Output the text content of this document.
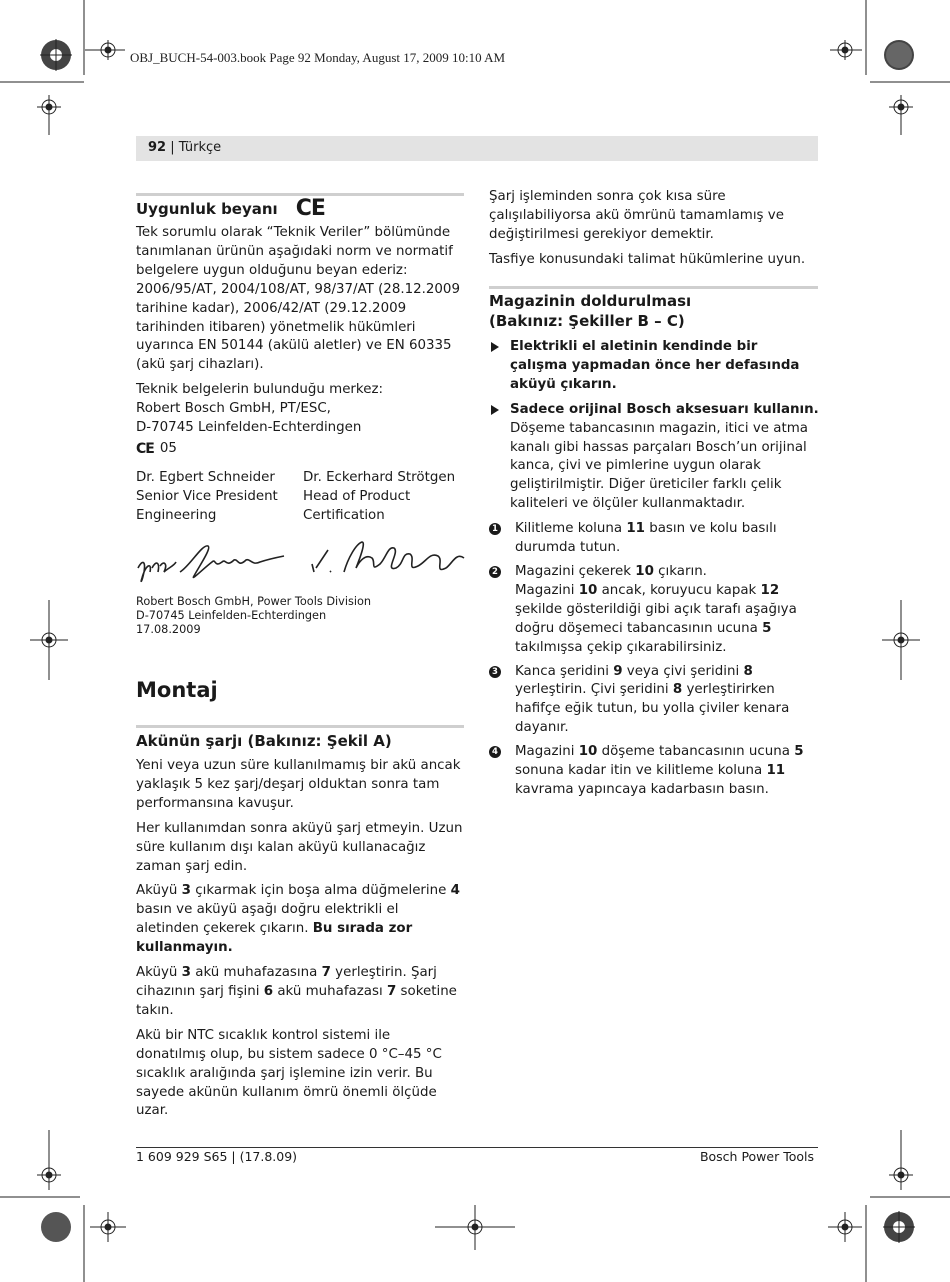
OBJ_BUCH-54-003.book Page 92 Monday, August 17, 2009 10:10 AM
92 | Türkçe
Uygunluk beyanı CE

Tek sorumlu olarak “Teknik Veriler” bölümünde tanımlanan ürünün aşağıdaki norm ve normatif belgelere uygun olduğunu beyan ederiz: 2006/95/AT, 2004/108/AT, 98/37/AT (28.12.2009 tarihine kadar), 2006/42/AT (29.12.2009 tarihinden itibaren) yönetmelik hükümleri uyarınca EN 50144 (akülü aletler) ve EN 60335 (akü şarj cihazları).

Teknik belgelerin bulunduğu merkez:
Robert Bosch GmbH, PT/ESC,
D-70745 Leinfelden-Echterdingen

CE 05
Dr. Egbert Schneider
Senior Vice President
Engineering
Dr. Eckerhard Strötgen
Head of Product
Certification
Robert Bosch GmbH, Power Tools Division
D-70745 Leinfelden-Echterdingen
17.08.2009
Montaj
Akünün şarjı (Bakınız: Şekil A)

Yeni veya uzun süre kullanılmamış bir akü ancak yaklaşık 5 kez şarj/deşarj olduktan sonra tam performansına kavuşur.

Her kullanımdan sonra aküyü şarj etmeyin. Uzun süre kullanım dışı kalan aküyü kullanacağız zaman şarj edin.

Aküyü 3 çıkarmak için boşa alma düğmelerine 4 basın ve aküyü aşağı doğru elektrikli el aletinden çekerek çıkarın. Bu sırada zor kullanmayın.

Aküyü 3 akü muhafazasına 7 yerleştirin. Şarj cihazının şarj fişini 6 akü muhafazası 7 soketine takın.

Akü bir NTC sıcaklık kontrol sistemi ile donatılmış olup, bu sistem sadece 0 °C–45 °C sıcaklık aralığında şarj işlemine izin verir. Bu sayede akünün kullanım ömrü önemli ölçüde uzar.

Şarj işleminden sonra çok kısa süre çalışılabiliyorsa akü ömrünü tamamlamış ve değiştirilmesi gerekiyor demektir.

Tasfiye konusundaki talimat hükümlerine uyun.

Magazinin doldurulması
(Bakınız: Şekiller B – C)
Elektrikli el aletinin kendinde bir çalışma yapmadan önce her defasında aküyü çıkarın.
Sadece orijinal Bosch aksesuarı kullanın. Döşeme tabancasının magazin, itici ve atma kanalı gibi hassas parçaları Bosch’un orijinal kanca, çivi ve pimlerine uygun olarak geliştirilmiştir. Diğer üreticiler farklı çelik kaliteleri ve ölçüler kullanmaktadır.
1 Kilitleme koluna 11 basın ve kolu basılı durumda tutun.
2 Magazini çekerek 10 çıkarın.
Magazini 10 ancak, koruyucu kapak 12 şekilde gösterildiği gibi açık tarafı aşağıya doğru döşemeci tabancasının ucuna 5 takılmışsa çekip çıkarabilirsiniz.
3 Kanca şeridini 9 veya çivi şeridini 8 yerleştirin. Çivi şeridini 8 yerleştirirken hafifçe eğik tutun, bu yolla çiviler kenara dayanır.
4 Magazini 10 döşeme tabancasının ucuna 5 sonuna kadar itin ve kilitleme koluna 11 kavrama yapıncaya kadarbasın basın.
1 609 929 S65 | (17.8.09)	Bosch Power Tools
